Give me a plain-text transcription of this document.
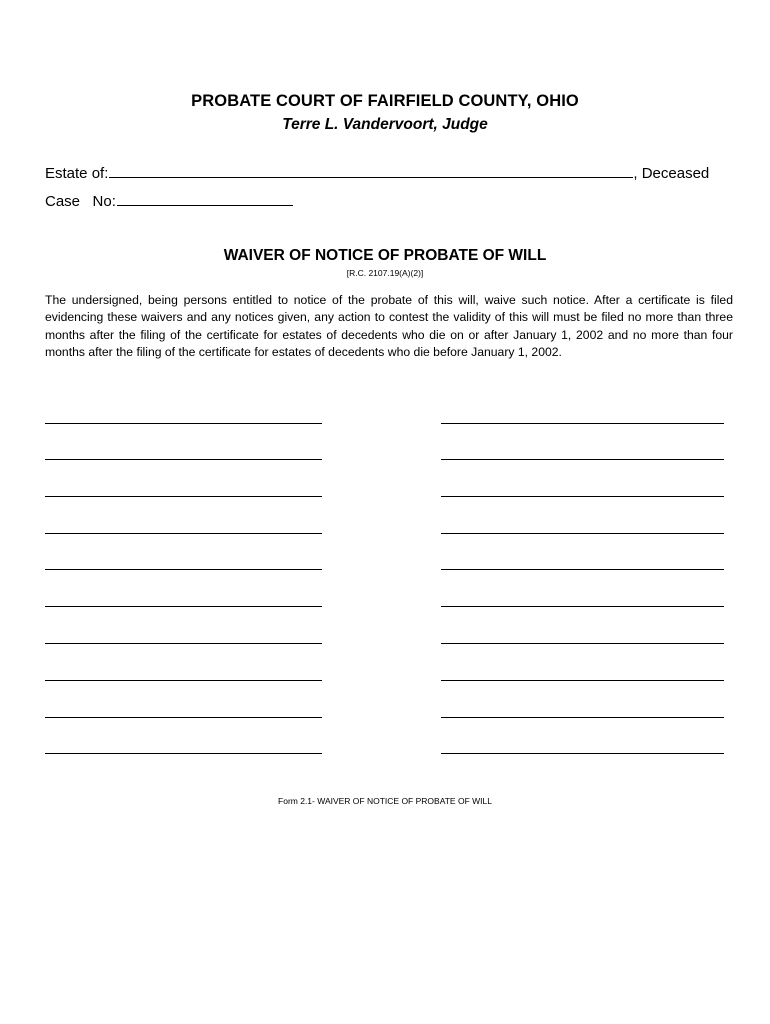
PROBATE COURT OF FAIRFIELD COUNTY, OHIO
Terre L. Vandervoort, Judge
Estate of:	, Deceased
Case   No:
WAIVER OF NOTICE OF PROBATE OF WILL
[R.C. 2107.19(A)(2)]
The undersigned, being persons entitled to notice of the probate of this will, waive such notice. After a certificate is filed evidencing these waivers and any notices given, any action to contest the validity of this will must be filed no more than three months after the filing of the certificate for estates of decedents who die on or after January 1, 2002 and no more than four months after the filing of the certificate for estates of decedents who die before January 1, 2002.
Form 2.1- WAIVER OF NOTICE OF PROBATE OF WILL
